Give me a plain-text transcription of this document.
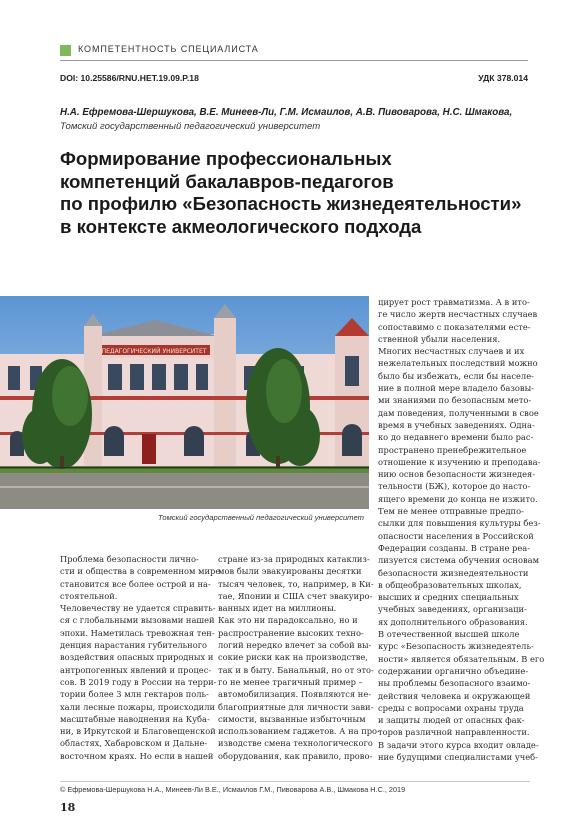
КОМПЕТЕНТНОСТЬ СПЕЦИАЛИСТА
DOI: 10.25586/RNU.HET.19.09.P.18	УДК 378.014
Н.А. Ефремова-Шершукова, В.Е. Минеев-Ли, Г.М. Исмаилов, А.В. Пивоварова, Н.С. Шмакова,
Томский государственный педагогический университет
Формирование профессиональных
компетенций бакалавров-педагогов
по профилю «Безопасность жизнедеятельности»
в контексте акмеологического подхода
ПЕДАГОГИЧЕСКИЙ УНИВЕРСИТЕТ
Томский государственный педагогический университет
Проблема безопасности лично-
сти и общества в современном мире
становится все более острой и на-
стоятельной.
Человечеству не удается справить-
ся с глобальными вызовами нашей
эпохи. Наметилась тревожная тен-
денция нарастания губительного
воздействия опасных природных и
антропогенных явлений и процес-
сов. В 2019 году в России на терри-
тории более 3 млн гектаров поль-
хали лесные пожары, происходили
масштабные наводнения на Куба-
ни, в Иркутской и Благовещенской
областях, Хабаровском и Дальне-
восточном краях. Но если в нашей
стране из-за природных катаклиз-
мов были эвакуированы десятки
тысяч человек, то, например, в Ки-
тае, Японии и США счет эвакуиро-
ванных идет на миллионы.
Как это ни парадоксально, но и
распространение высоких техно-
логий нередко влечет за собой вы-
сокие риски как на производстве,
так и в быту. Банальный, но от это-
го не менее трагичный пример –
автомобилизация. Появляются не-
благоприятные для личности зави-
симости, вызванные избыточным
использованием гаджетов. А на про-
изводстве смена технологического
оборудования, как правило, прово-
цирует рост травматизма. А в ито-
ге число жертв несчастных случаев
сопоставимо с показателями есте-
ственной убыли населения.
Многих несчастных случаев и их
нежелательных последствий можно
было бы избежать, если бы населе-
ние в полной мере владело базовы-
ми знаниями по безопасным мето-
дам поведения, полученными в свое
время в учебных заведениях. Одна-
ко до недавнего времени было рас-
пространено пренебрежительное
отношение к изучению и преподава-
нию основ безопасности жизнедея-
тельности (БЖ), которое до насто-
ящего времени до конца не изжито.
Тем не менее отправные предпо-
сылки для повышения культуры без-
опасности населения в Российской
Федерации созданы. В стране реа-
лизуется система обучения основам
безопасности жизнедеятельности
в общеобразовательных школах,
высших и средних специальных
учебных заведениях, организаци-
ях дополнительного образования.
В отечественной высшей школе
курс «Безопасность жизнедеятель-
ности» является обязательным. В его
содержании органично объедине-
ны проблемы безопасного взаимо-
действия человека и окружающей
среды с вопросами охраны труда
и защиты людей от опасных фак-
торов различной направленности.
В задачи этого курса входит овладе-
ние будущими специалистами учеб-
© Ефремова-Шершукова Н.А., Минеев-Ли В.Е., Исмаилов Г.М., Пивоварова А.В., Шмакова Н.С., 2019
18
